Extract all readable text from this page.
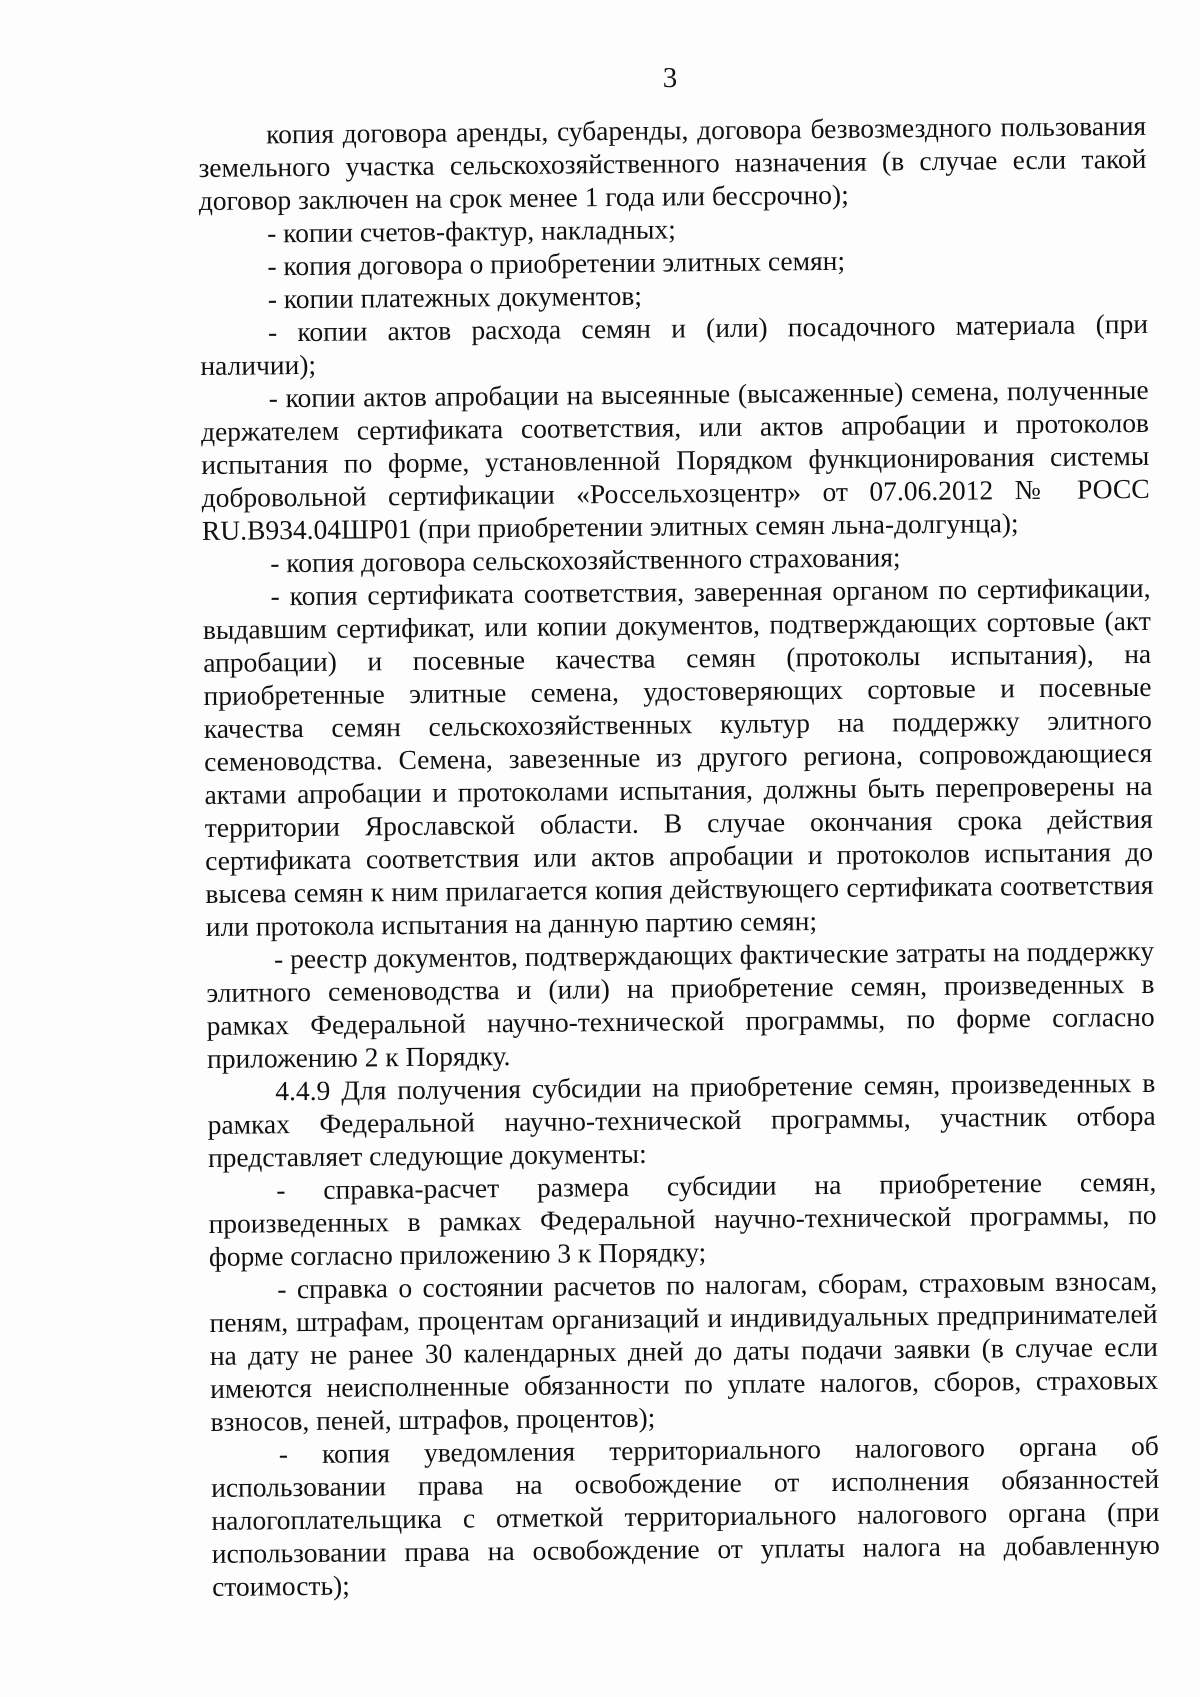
3

копия договора аренды, субаренды, договора безвозмездного пользования земельного участка сельскохозяйственного назначения (в случае если такой договор заключен на срок менее 1 года или бессрочно);

- копии счетов-фактур, накладных;

- копия договора о приобретении элитных семян;

- копии платежных документов;

- копии актов расхода семян и (или) посадочного материала (при наличии);

- копии актов апробации на высеянные (высаженные) семена, полученные держателем сертификата соответствия, или актов апробации и протоколов испытания по форме, установленной Порядком функционирования системы добровольной сертификации «Россельхозцентр» от 07.06.2012 № РОСС RU.B934.04ШР01 (при приобретении элитных семян льна-долгунца);

- копия договора сельскохозяйственного страхования;

- копия сертификата соответствия, заверенная органом по сертификации, выдавшим сертификат, или копии документов, подтверждающих сортовые (акт апробации) и посевные качества семян (протоколы испытания), на приобретенные элитные семена, удостоверяющих сортовые и посевные качества семян сельскохозяйственных культур на поддержку элитного семеноводства. Семена, завезенные из другого региона, сопровождающиеся актами апробации и протоколами испытания, должны быть перепроверены на территории Ярославской области. В случае окончания срока действия сертификата соответствия или актов апробации и протоколов испытания до высева семян к ним прилагается копия действующего сертификата соответствия или протокола испытания на данную партию семян;

- реестр документов, подтверждающих фактические затраты на поддержку элитного семеноводства и (или) на приобретение семян, произведенных в рамках Федеральной научно-технической программы, по форме согласно приложению 2 к Порядку.

4.4.9 Для получения субсидии на приобретение семян, произведенных в рамках Федеральной научно-технической программы, участник отбора представляет следующие документы:

- справка-расчет размера субсидии на приобретение семян, произведенных в рамках Федеральной научно-технической программы, по форме согласно приложению 3 к Порядку;

- справка о состоянии расчетов по налогам, сборам, страховым взносам, пеням, штрафам, процентам организаций и индивидуальных предпринимателей на дату не ранее 30 календарных дней до даты подачи заявки (в случае если имеются неисполненные обязанности по уплате налогов, сборов, страховых взносов, пеней, штрафов, процентов);

- копия уведомления территориального налогового органа об использовании права на освобождение от исполнения обязанностей налогоплательщика с отметкой территориального налогового органа (при использовании права на освобождение от уплаты налога на добавленную стоимость);
